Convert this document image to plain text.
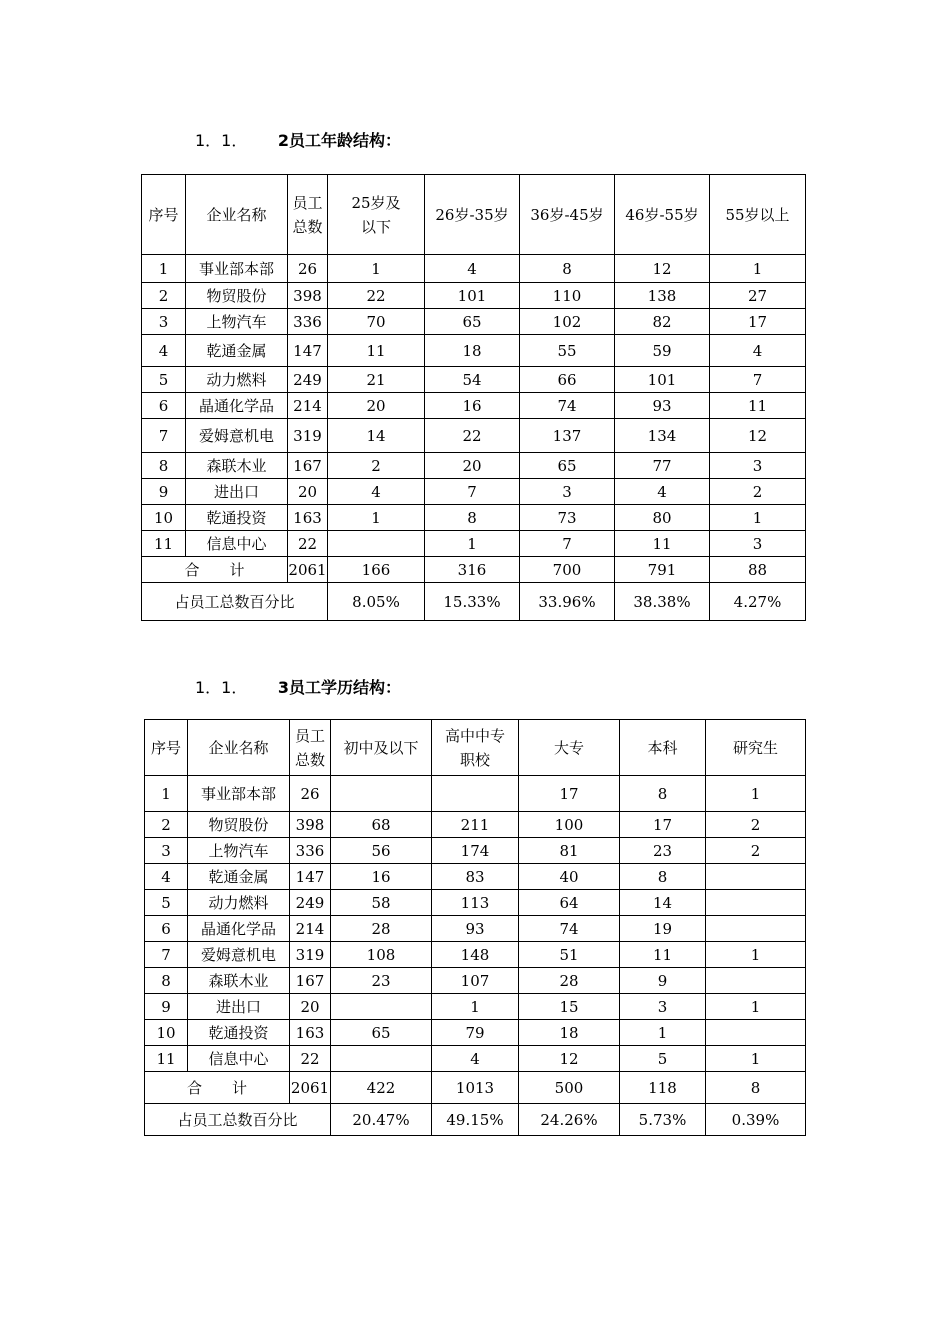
1．1． 2员工年龄结构：
序号	企业名称	员工总数	25岁及以下	26岁-35岁	36岁-45岁	46岁-55岁	55岁以上
1	事业部本部	26	1	4	8	12	1
2	物贸股份	398	22	101	110	138	27
3	上物汽车	336	70	65	102	82	17
4	乾通金属	147	11	18	55	59	4
5	动力燃料	249	21	54	66	101	7
6	晶通化学品	214	20	16	74	93	11
7	爱姆意机电	319	14	22	137	134	12
8	森联木业	167	2	20	65	77	3
9	进出口	20	4	7	3	4	2
10	乾通投资	163	1	8	73	80	1
11	信息中心	22		1	7	11	3
合　　计		2061	166	316	700	791	88
占员工总数百分比			8.05%	15.33%	33.96%	38.38%	4.27%
1．1． 3员工学历结构：
序号	企业名称	员工总数	初中及以下	高中中专职校	大专	本科	研究生
1	事业部本部	26			17	8	1
2	物贸股份	398	68	211	100	17	2
3	上物汽车	336	56	174	81	23	2
4	乾通金属	147	16	83	40	8	
5	动力燃料	249	58	113	64	14	
6	晶通化学品	214	28	93	74	19	
7	爱姆意机电	319	108	148	51	11	1
8	森联木业	167	23	107	28	9	
9	进出口	20		1	15	3	1
10	乾通投资	163	65	79	18	1	
11	信息中心	22		4	12	5	1
合　　计		2061	422	1013	500	118	8
占员工总数百分比			20.47%	49.15%	24.26%	5.73%	0.39%
